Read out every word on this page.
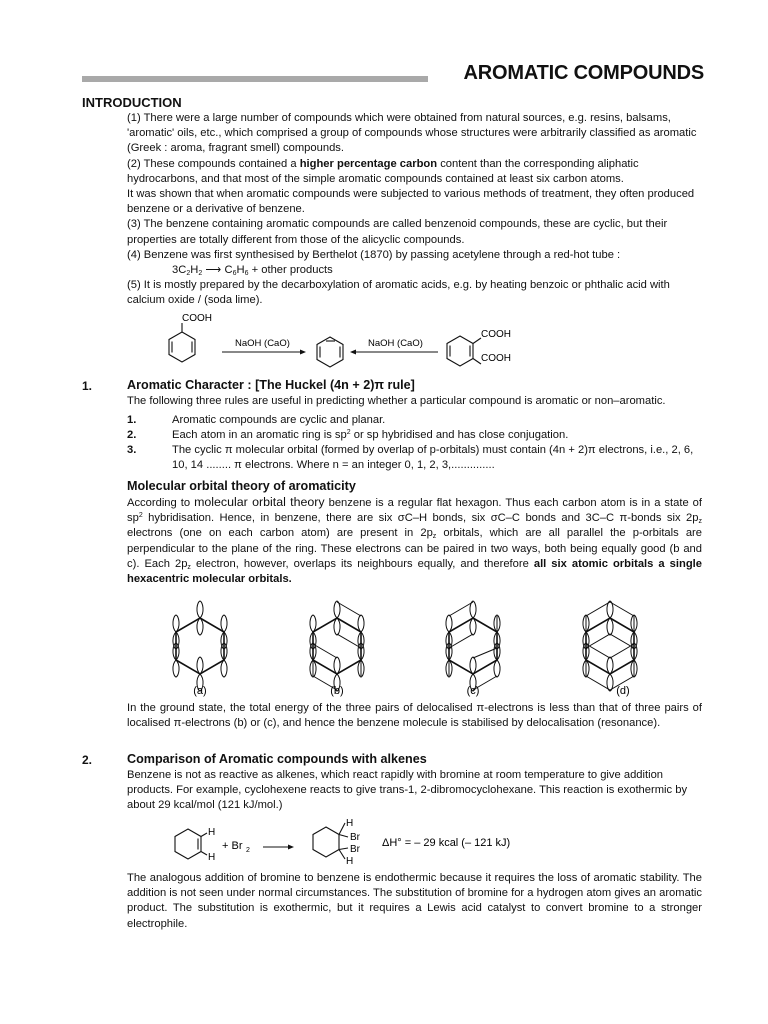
AROMATIC COMPOUNDS
INTRODUCTION

(1) There were a large number of compounds which were obtained from natural sources, e.g. resins, balsams, 'aromatic' oils, etc., which comprised a group of compounds whose structures were arbitrarily classified as aromatic (Greek : aroma, fragrant smell) compounds.

(2) These compounds contained a higher percentage carbon content than the corresponding aliphatic hydrocarbons, and that most of the simple aromatic compounds contained at least six carbon atoms.

It was shown that when aromatic compounds were subjected to various methods of treatment, they often produced benzene or a derivative of benzene.

(3) The benzene containing aromatic compounds are called benzenoid compounds, these are cyclic, but their properties are totally different from those of the alicyclic compounds.

(4) Benzene was first synthesised by Berthelot (1870) by passing acetylene through a red-hot tube :

$3C_2H_2$ ⟶ $C_6H_6$ + other products

(5) It is mostly prepared by the decarboxylation of aromatic acids, e.g. by heating benzoic or phthalic acid with calcium oxide / (soda lime).

COOH
NaOH (CaO)	NaOH (CaO)
COOH
COOH
1.	Aromatic Character : [The Huckel (4n + 2)π rule]
The following three rules are useful in predicting whether a particular compound is aromatic or non–aromatic.
1.	Aromatic compounds are cyclic and planar.
2.	Each atom in an aromatic ring is $sp^2$ or sp hybridised and has close conjugation.
3.	The cyclic π molecular orbital (formed by overlap of p-orbitals) must contain (4n + 2)π electrons, i.e., 2, 6, 10, 14 ........ π electrons. Where n = an integer 0, 1, 2, 3,..............
Molecular orbital theory of aromaticity
According to molecular orbital theory benzene is a regular flat hexagon. Thus each carbon atom is in a state of $sp^2$ hybridisation. Hence, in benzene, there are six σC–H bonds, six σC–C bonds and 3C–C π-bonds six $2p_z$ electrons (one on each carbon atom) are present in $2p_z$ orbitals, which are all parallel the p-orbitals are perpendicular to the plane of the ring. These electrons can be paired in two ways, both being equally good (b and c). Each $2p_z$ electron, however, overlaps its neighbours equally, and therefore all six atomic orbitals a single hexacentric molecular orbitals.
(a)	(b)	(c)	(d)
In the ground state, the total energy of the three pairs of delocalised π-electrons is less than that of three pairs of localised π-electrons (b) or (c), and hence the benzene molecule is stabilised by delocalisation (resonance).
2.	Comparison of Aromatic compounds with alkenes
Benzene is not as reactive as alkenes, which react rapidly with bromine at room temperature to give addition products. For example, cyclohexene reacts to give trans-1, 2-dibromocyclohexane. This reaction is exothermic by about 29 kcal/mol (121 kJ/mol.)
H
H
+ Br 2
H
Br
Br
H
ΔH° = – 29 kcal (– 121 kJ)
The analogous addition of bromine to benzene is endothermic because it requires the loss of aromatic stability. The addition is not seen under normal circumstances. The substitution of bromine for a hydrogen atom gives an aromatic product. The substitution is exothermic, but it requires a Lewis acid catalyst to convert bromine to a stronger electrophile.
